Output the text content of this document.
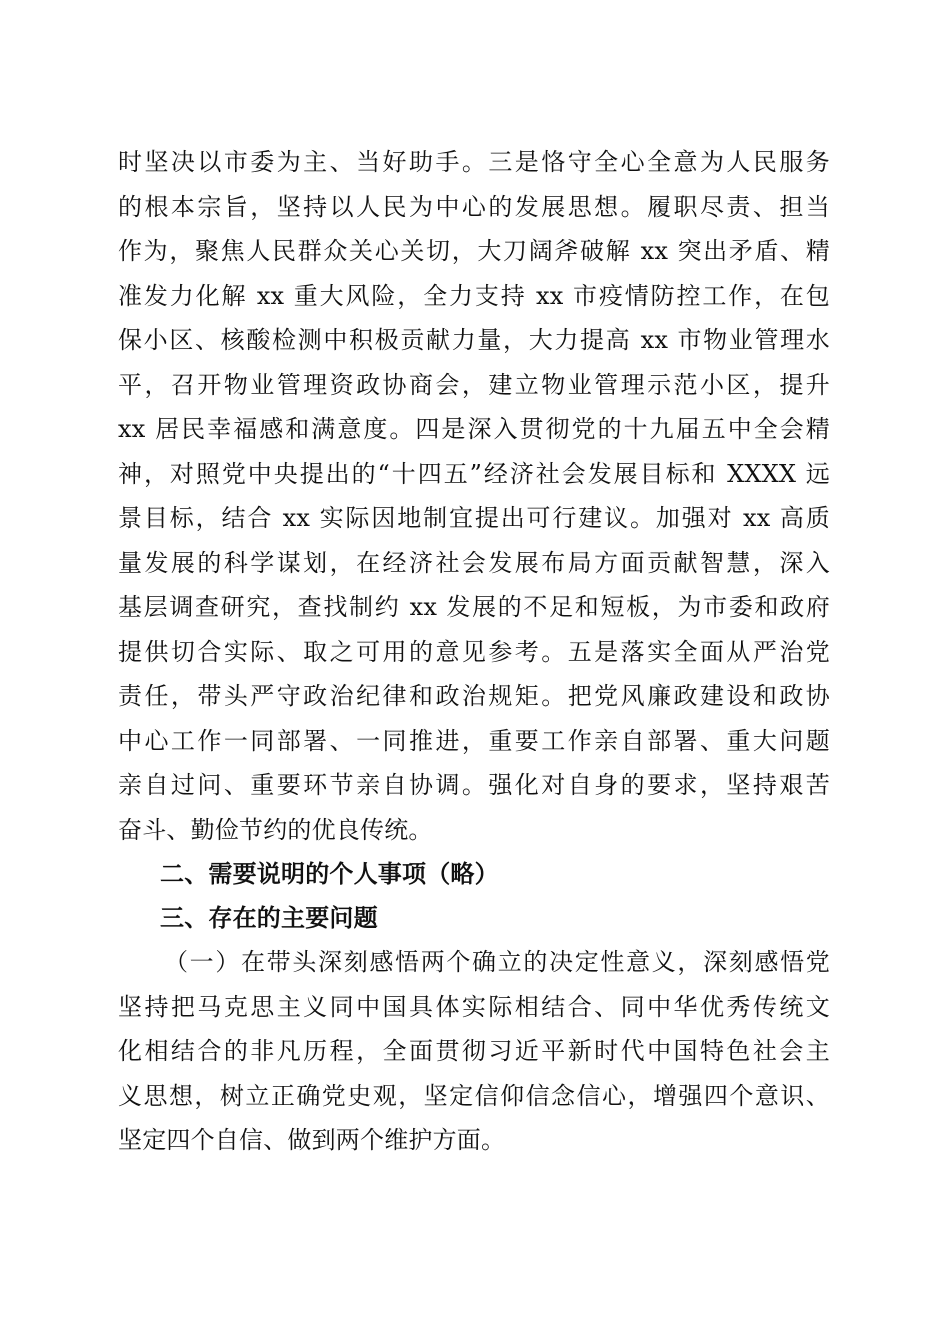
时坚决以市委为主、当好助手。三是恪守全心全意为人民服务
的根本宗旨，坚持以人民为中心的发展思想。履职尽责、担当
作为，聚焦人民群众关心关切，大刀阔斧破解 xx 突出矛盾、精
准发力化解 xx 重大风险，全力支持 xx 市疫情防控工作，在包
保小区、核酸检测中积极贡献力量，大力提高 xx 市物业管理水
平，召开物业管理资政协商会，建立物业管理示范小区，提升
xx 居民幸福感和满意度。四是深入贯彻党的十九届五中全会精
神，对照党中央提出的“十四五”经济社会发展目标和 XXXX 远
景目标，结合 xx 实际因地制宜提出可行建议。加强对 xx 高质
量发展的科学谋划，在经济社会发展布局方面贡献智慧，深入
基层调查研究，查找制约 xx 发展的不足和短板，为市委和政府
提供切合实际、取之可用的意见参考。五是落实全面从严治党
责任，带头严守政治纪律和政治规矩。把党风廉政建设和政协
中心工作一同部署、一同推进，重要工作亲自部署、重大问题
亲自过问、重要环节亲自协调。强化对自身的要求，坚持艰苦
奋斗、勤俭节约的优良传统。
二、需要说明的个人事项（略）
三、存在的主要问题
（一）在带头深刻感悟两个确立的决定性意义，深刻感悟党
坚持把马克思主义同中国具体实际相结合、同中华优秀传统文
化相结合的非凡历程，全面贯彻习近平新时代中国特色社会主
义思想，树立正确党史观，坚定信仰信念信心，增强四个意识、
坚定四个自信、做到两个维护方面。
